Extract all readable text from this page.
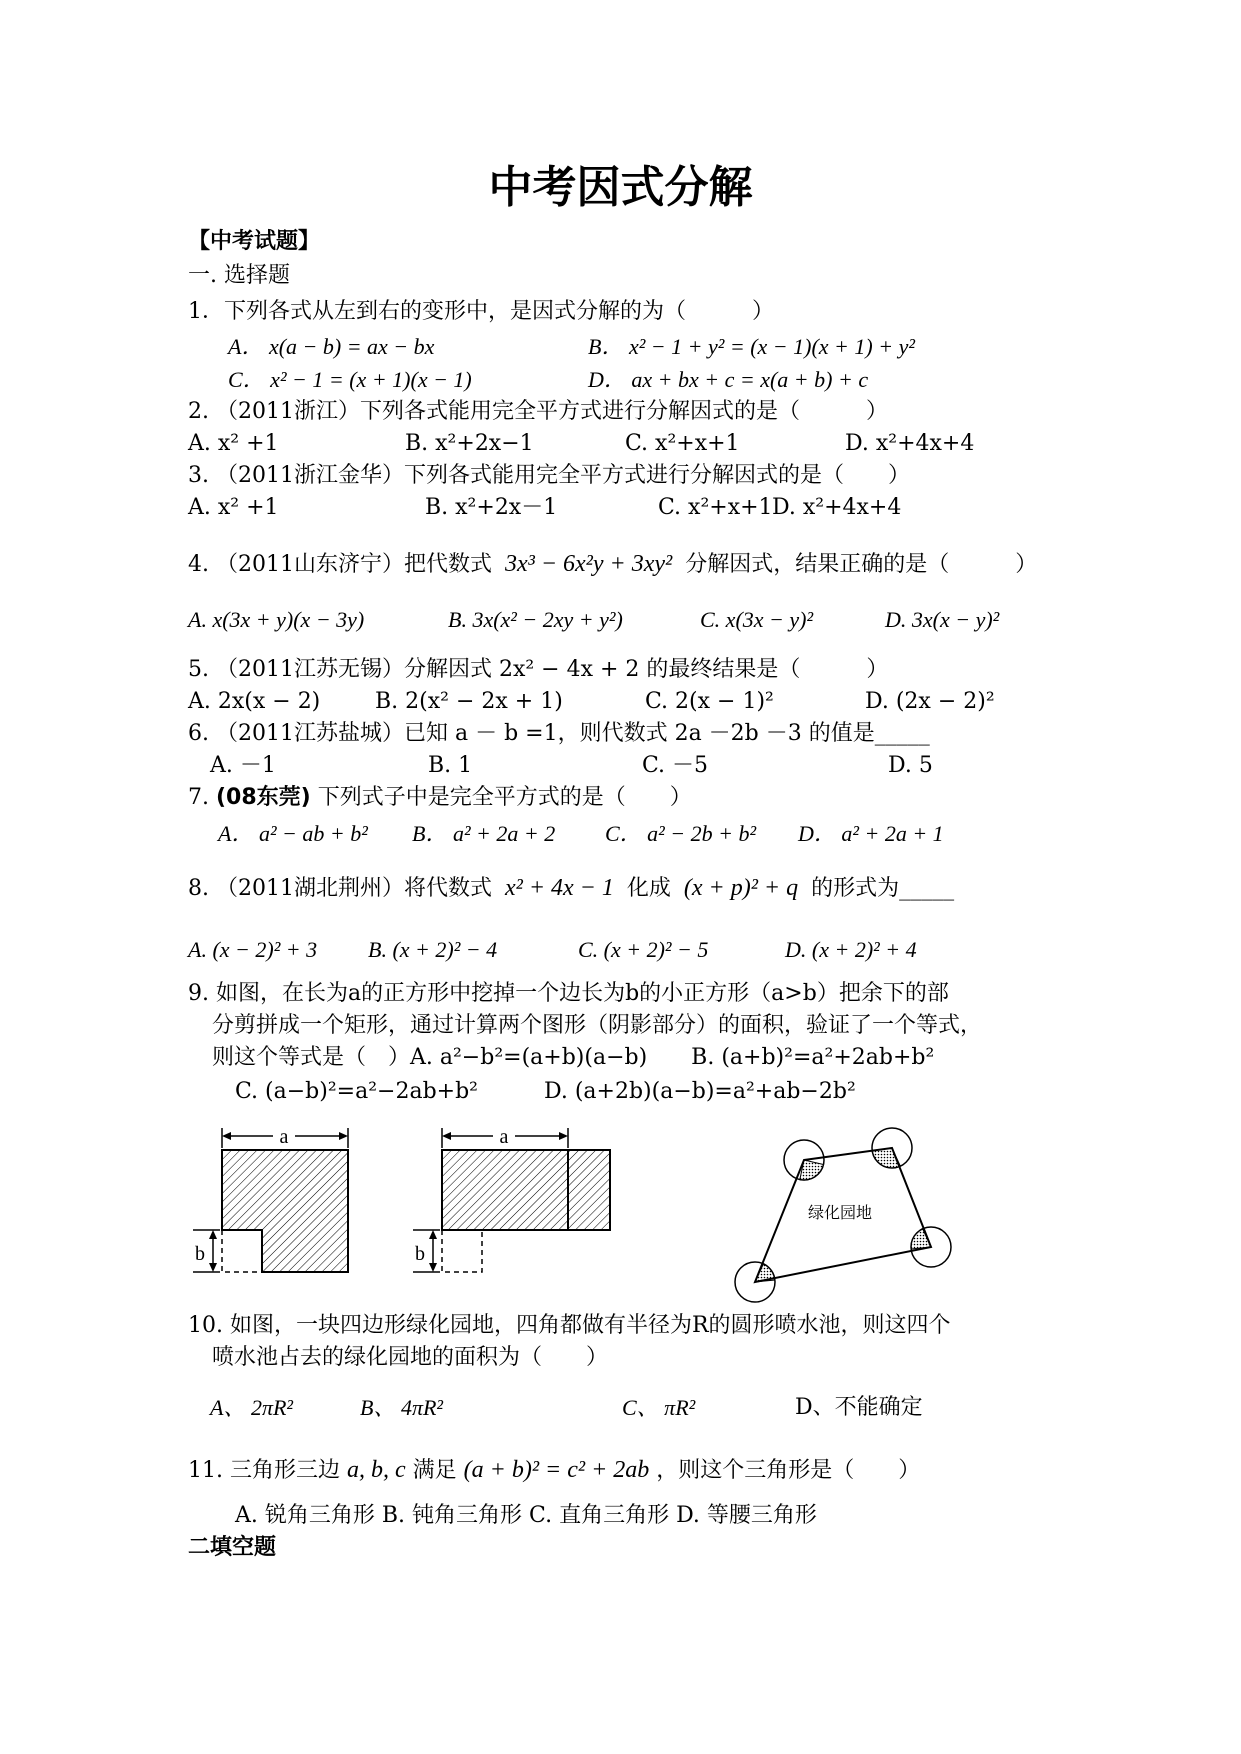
中考因式分解
【中考试题】
一. 选择题
1．下列各式从左到右的变形中，是因式分解的为（　　　）
A． x(a − b) = ax − bx	B． x² − 1 + y² = (x − 1)(x + 1) + y²
C． x² − 1 = (x + 1)(x − 1)	D． ax + bx + c = x(a + b) + c
2. （2011浙江）下列各式能用完全平方式进行分解因式的是（　　　）
A. x² +1	B. x²+2x−1	C. x²+x+1	D. x²+4x+4
3. （2011浙江金华）下列各式能用完全平方式进行分解因式的是（　　）
A. x² +1	B. x²+2x－1	C. x²+x+1 D. x²+4x+4
4. （2011山东济宁）把代数式 3x³ − 6x²y + 3xy² 分解因式，结果正确的是（　　　）
A. x(3x + y)(x − 3y)	B. 3x(x² − 2xy + y²)	C. x(3x − y)²	D. 3x(x − y)²
5. （2011江苏无锡）分解因式 2x² − 4x + 2 的最终结果是（　　　）
A. 2x(x − 2) B. 2(x² − 2x + 1)	C. 2(x − 1)²	D. (2x − 2)²
6. （2011江苏盐城）已知 a － b =1，则代数式 2a －2b －3 的值是_____
A. －1	B. 1	C. －5	D. 5
7. (08东莞) 下列式子中是完全平方式的是（　　）
A． a² − ab + b² B． a² + 2a + 2 C． a² − 2b + b² D． a² + 2a + 1
8. （2011湖北荆州）将代数式 x² + 4x − 1 化成 (x + p)² + q 的形式为_____
A. (x − 2)² + 3 B. (x + 2)² − 4	C. (x + 2)² − 5	D. (x + 2)² + 4
9. 如图，在长为a的正方形中挖掉一个边长为b的小正方形（a>b）把余下的部
分剪拼成一个矩形，通过计算两个图形（阴影部分）的面积，验证了一个等式，
则这个等式是（　）A. a²−b²=(a+b)(a−b)　　B. (a+b)²=a²+2ab+b²
C. (a−b)²=a²−2ab+b²　　　D. (a+2b)(a−b)=a²+ab−2b²
a
b
a
b
绿化园地
10. 如图，一块四边形绿化园地，四角都做有半径为R的圆形喷水池，则这四个
喷水池占去的绿化园地的面积为（　　）
A、 2πR²	B、 4πR²	C、 πR²	D、不能确定
11. 三角形三边 a, b, c 满足 (a + b)² = c² + 2ab ，则这个三角形是（　　）
A. 锐角三角形 B. 钝角三角形 C. 直角三角形 D. 等腰三角形
二填空题
